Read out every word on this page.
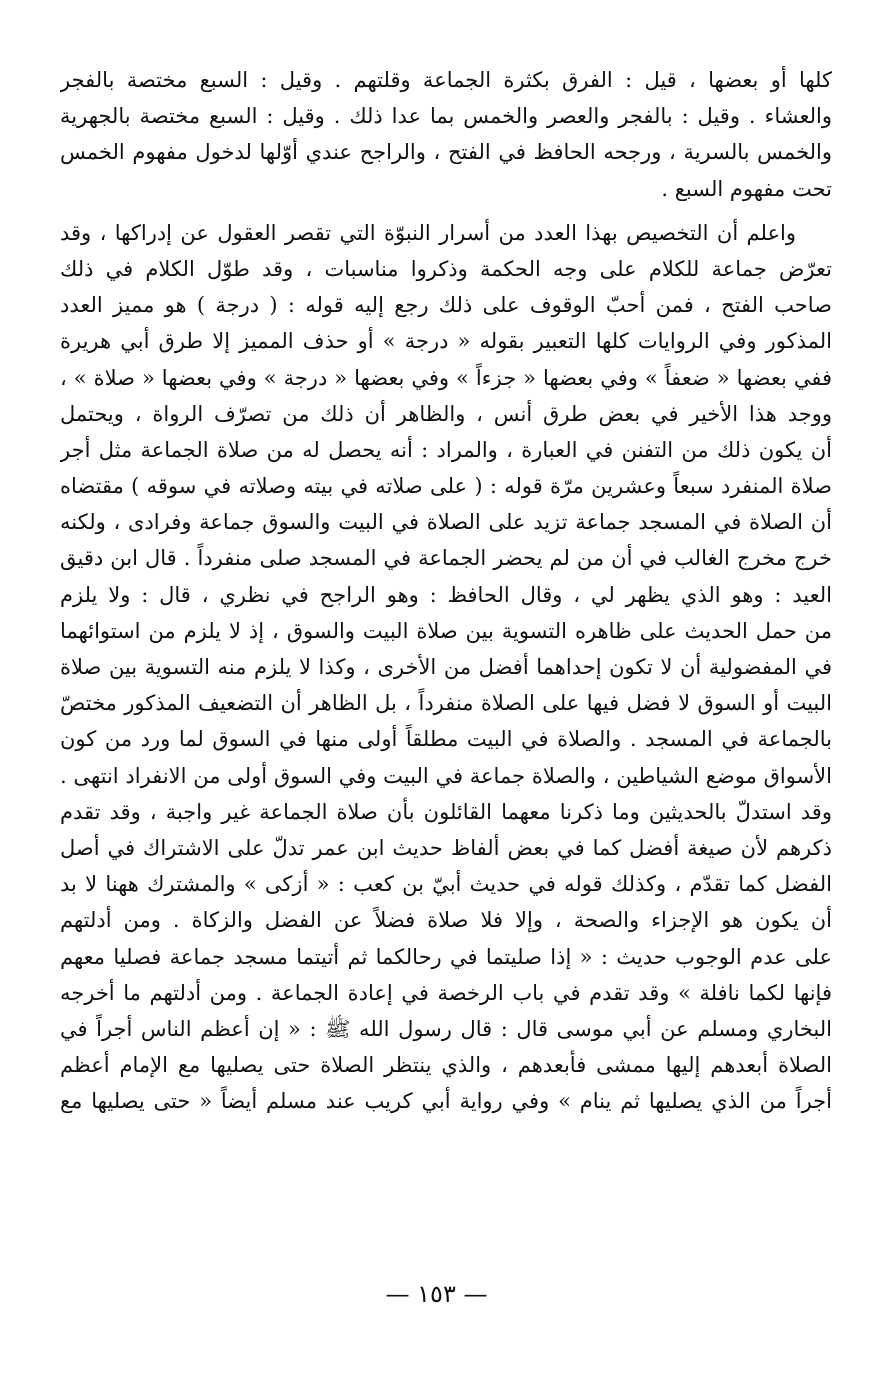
كلها أو بعضها ، قيل : الفرق بكثرة الجماعة وقلتهم . وقيل : السبع مختصة بالفجر
والعشاء . وقيل : بالفجر والعصر والخمس بما عدا ذلك . وقيل : السبع مختصة بالجهرية
والخمس بالسرية ، ورجحه الحافظ في الفتح ، والراجح عندي أوّلها لدخول مفهوم الخمس
تحت مفهوم السبع .
واعلم أن التخصيص بهذا العدد من أسرار النبوّة التي تقصر العقول عن إدراكها ، وقد
تعرّض جماعة للكلام على وجه الحكمة وذكروا مناسبات ، وقد طوّل الكلام في ذلك
صاحب الفتح ، فمن أحبّ الوقوف على ذلك رجع إليه قوله : ( درجة ) هو مميز العدد
المذكور وفي الروايات كلها التعبير بقوله « درجة » أو حذف المميز إلا طرق أبي هريرة
ففي بعضها « ضعفاً » وفي بعضها « جزءاً » وفي بعضها « درجة » وفي بعضها « صلاة » ،
ووجد هذا الأخير في بعض طرق أنس ، والظاهر أن ذلك من تصرّف الرواة ، ويحتمل
أن يكون ذلك من التفنن في العبارة ، والمراد : أنه يحصل له من صلاة الجماعة مثل أجر
صلاة المنفرد سبعاً وعشرين مرّة قوله : ( على صلاته في بيته وصلاته في سوقه ) مقتضاه
أن الصلاة في المسجد جماعة تزيد على الصلاة في البيت والسوق جماعة وفرادى ، ولكنه
خرج مخرج الغالب في أن من لم يحضر الجماعة في المسجد صلى منفرداً . قال ابن دقيق
العيد : وهو الذي يظهر لي ، وقال الحافظ : وهو الراجح في نظري ، قال : ولا يلزم
من حمل الحديث على ظاهره التسوية بين صلاة البيت والسوق ، إذ لا يلزم من استوائهما
في المفضولية أن لا تكون إحداهما أفضل من الأخرى ، وكذا لا يلزم منه التسوية بين صلاة
البيت أو السوق لا فضل فيها على الصلاة منفرداً ، بل الظاهر أن التضعيف المذكور مختصّ
بالجماعة في المسجد . والصلاة في البيت مطلقاً أولى منها في السوق لما ورد من كون
الأسواق موضع الشياطين ، والصلاة جماعة في البيت وفي السوق أولى من الانفراد انتهى .
وقد استدلّ بالحديثين وما ذكرنا معهما القائلون بأن صلاة الجماعة غير واجبة ، وقد تقدم
ذكرهم لأن صيغة أفضل كما في بعض ألفاظ حديث ابن عمر تدلّ على الاشتراك في أصل
الفضل كما تقدّم ، وكذلك قوله في حديث أبيّ بن كعب : « أزكى » والمشترك ههنا لا بد
أن يكون هو الإجزاء والصحة ، وإلا فلا صلاة فضلاً عن الفضل والزكاة . ومن أدلتهم
على عدم الوجوب حديث : « إذا صليتما في رحالكما ثم أتيتما مسجد جماعة فصليا معهم
فإنها لكما نافلة » وقد تقدم في باب الرخصة في إعادة الجماعة . ومن أدلتهم ما أخرجه
البخاري ومسلم عن أبي موسى قال : قال رسول الله ﷺ : « إن أعظم الناس أجراً في
الصلاة أبعدهم إليها ممشى فأبعدهم ، والذي ينتظر الصلاة حتى يصليها مع الإمام أعظم
أجراً من الذي يصليها ثم ينام » وفي رواية أبي كريب عند مسلم أيضاً « حتى يصليها مع
— ١٥٣ —
